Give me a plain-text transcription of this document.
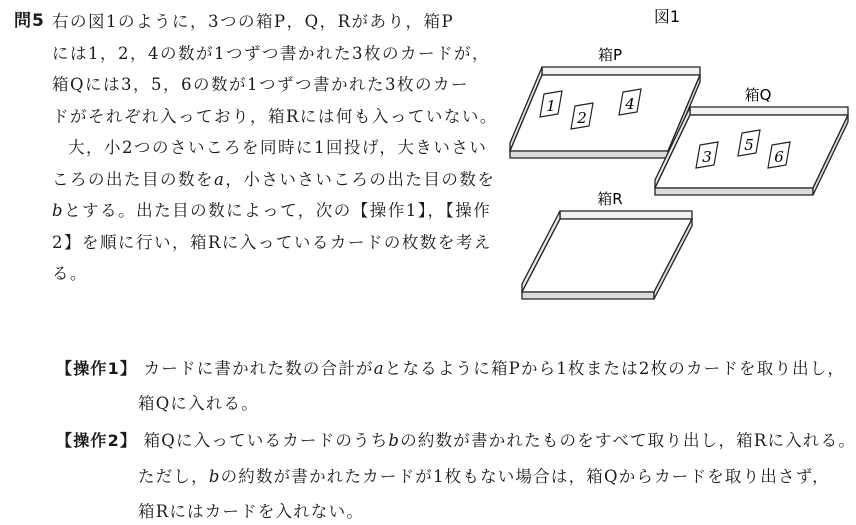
問5 右の図1のように，3つの箱P，Q，Rがあり，箱P
には1，2，4の数が1つずつ書かれた3枚のカードが，
箱Qには3，5，6の数が1つずつ書かれた3枚のカー
ドがそれぞれ入っており，箱Rには何も入っていない。
大，小2つのさいころを同時に1回投げ，大きいさい
ころの出た目の数をa，小さいさいころの出た目の数を
bとする。出た目の数によって，次の【操作1】，【操作
2】を順に行い，箱Rに入っているカードの枚数を考え
る。
図1
箱P
1
2
4	箱Q
3
5
6
箱R
【操作1】 カードに書かれた数の合計がaとなるように箱Pから1枚または2枚のカードを取り出し，
箱Qに入れる。
【操作2】 箱Qに入っているカードのうちbの約数が書かれたものをすべて取り出し，箱Rに入れる。
ただし，bの約数が書かれたカードが1枚もない場合は，箱Qからカードを取り出さず，
箱Rにはカードを入れない。
